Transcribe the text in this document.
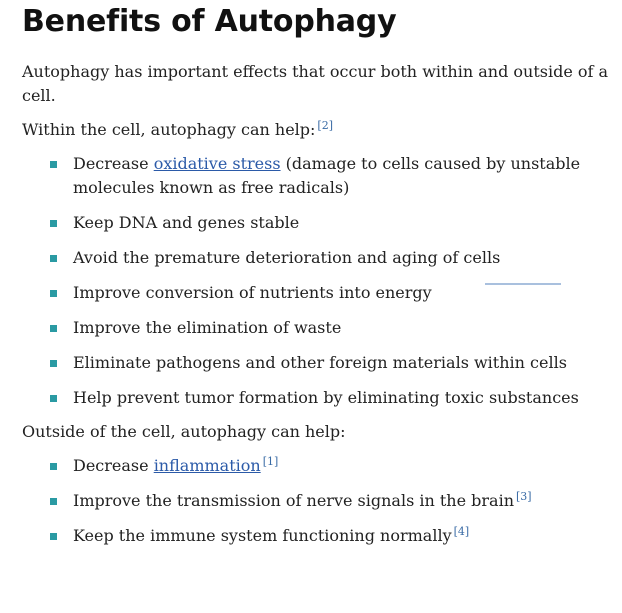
Benefits of Autophagy

Autophagy has important effects that occur both within and outside of a cell.

Within the cell, autophagy can help: [2]

Decrease oxidative stress (damage to cells caused by unstable molecules known as free radicals)
Keep DNA and genes stable
Avoid the premature deterioration and aging of cells
Improve conversion of nutrients into energy
Improve the elimination of waste
Eliminate pathogens and other foreign materials within cells
Help prevent tumor formation by eliminating toxic substances

Outside of the cell, autophagy can help:

Decrease inflammation [1]
Improve the transmission of nerve signals in the brain [3]
Keep the immune system functioning normally [4]
